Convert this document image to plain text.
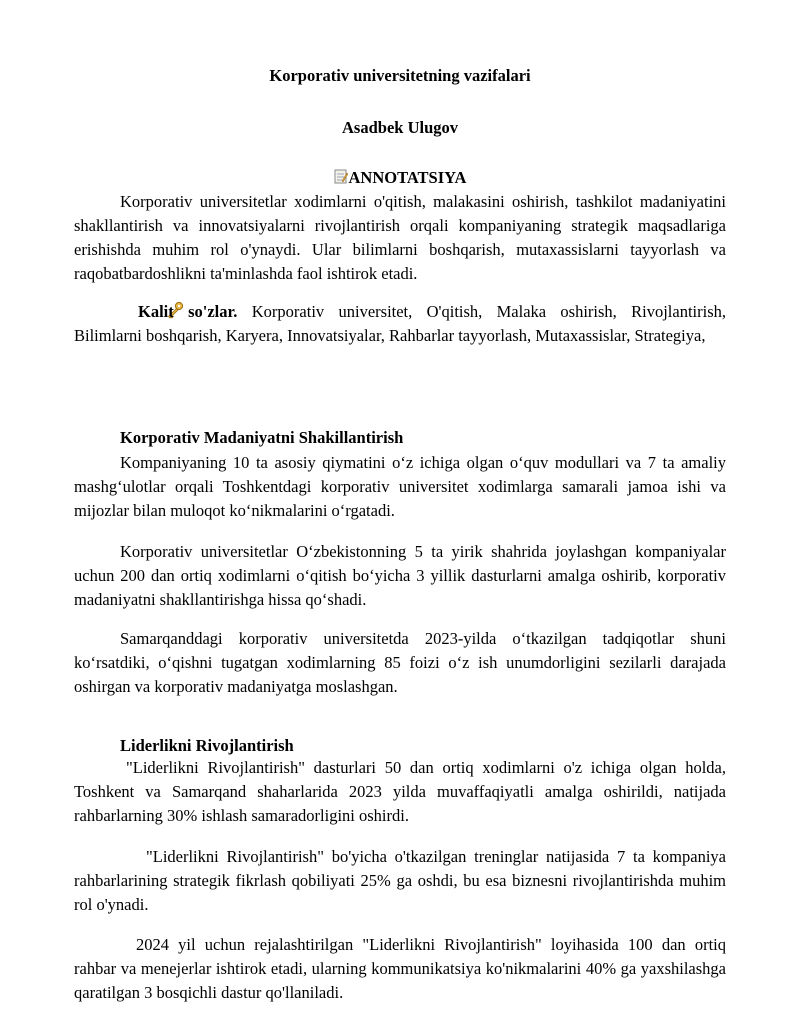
Korporativ universitetning vazifalari
Asadbek Ulugov
ANNOTATSIYA
Korporativ universitetlar xodimlarni o'qitish, malakasini oshirish, tashkilot madaniyatini shakllantirish va innovatsiyalarni rivojlantirish orqali kompaniyaning strategik maqsadlariga erishishda muhim rol o'ynaydi. Ular bilimlarni boshqarish, mutaxassislarni tayyorlash va raqobatbardoshlikni ta'minlashda faol ishtirok etadi.
Kalit so'zlar. Korporativ universitet, O'qitish, Malaka oshirish, Rivojlantirish, Bilimlarni boshqarish, Karyera, Innovatsiyalar, Rahbarlar tayyorlash, Mutaxassislar, Strategiya,
Korporativ Madaniyatni Shakillantirish
Kompaniyaning 10 ta asosiy qiymatini o‘z ichiga olgan o‘quv modullari va 7 ta amaliy mashg‘ulotlar orqali Toshkentdagi korporativ universitet xodimlarga samarali jamoa ishi va mijozlar bilan muloqot ko‘nikmalarini o‘rgatadi.
Korporativ universitetlar O‘zbekistonning 5 ta yirik shahrida joylashgan kompaniyalar uchun 200 dan ortiq xodimlarni o‘qitish bo‘yicha 3 yillik dasturlarni amalga oshirib, korporativ madaniyatni shakllantirishga hissa qo‘shadi.
Samarqanddagi korporativ universitetda 2023-yilda o‘tkazilgan tadqiqotlar shuni ko‘rsatdiki, o‘qishni tugatgan xodimlarning 85 foizi o‘z ish unumdorligini sezilarli darajada oshirgan va korporativ madaniyatga moslashgan.
Liderlikni Rivojlantirish
"Liderlikni Rivojlantirish" dasturlari 50 dan ortiq xodimlarni o'z ichiga olgan holda, Toshkent va Samarqand shaharlarida 2023 yilda muvaffaqiyatli amalga oshirildi, natijada rahbarlarning 30% ishlash samaradorligini oshirdi.
"Liderlikni Rivojlantirish" bo'yicha o'tkazilgan treninglar natijasida 7 ta kompaniya rahbarlarining strategik fikrlash qobiliyati 25% ga oshdi, bu esa biznesni rivojlantirishda muhim rol o'ynadi.
2024 yil uchun rejalashtirilgan "Liderlikni Rivojlantirish" loyihasida 100 dan ortiq rahbar va menejerlar ishtirok etadi, ularning kommunikatsiya ko'nikmalarini 40% ga yaxshilashga qaratilgan 3 bosqichli dastur qo'llaniladi.
